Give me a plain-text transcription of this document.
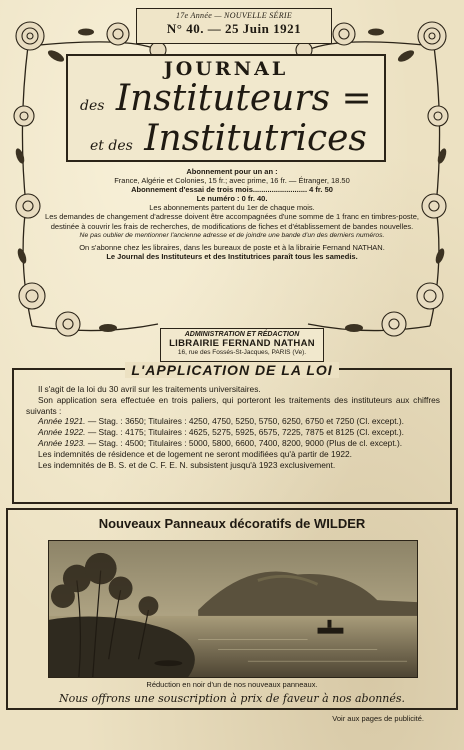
17e Année — NOUVELLE SÉRIE
N° 40. — 25 Juin 1921
JOURNAL
des Instituteurs =
et des Institutrices
Abonnement pour un an :
France, Algérie et Colonies, 15 fr.; avec prime, 16 fr. — Étranger, 18.50
Abonnement d'essai de trois mois.......................... 4 fr. 50
Le numéro : 0 fr. 40.
Les abonnements partent du 1er de chaque mois.
Les demandes de changement d'adresse doivent être accompagnées d'une somme de 1 franc en timbres-poste, destinée à couvrir les frais de recherches, de modifications de fiches et d'établissement de bandes nouvelles.
Ne pas oublier de mentionner l'ancienne adresse et de joindre une bande d'un des derniers numéros.
On s'abonne chez les libraires, dans les bureaux de poste et à la librairie Fernand NATHAN.
Le Journal des Instituteurs et des Institutrices paraît tous les samedis.
ADMINISTRATION ET RÉDACTION
LIBRAIRIE FERNAND NATHAN
16, rue des Fossés-St-Jacques, PARIS (Ve).
L'APPLICATION DE LA LOI
Il s'agit de la loi du 30 avril sur les traitements universitaires.
Son application sera effectuée en trois paliers, qui porteront les traitements des instituteurs aux chiffres suivants :
Année 1921. — Stag. : 3650; Titulaires : 4250, 4750, 5250, 5750, 6250, 6750 et 7250 (Cl. except.).
Année 1922. — Stag. : 4175; Titulaires : 4625, 5275, 5925, 6575, 7225, 7875 et 8125 (Cl. except.).
Année 1923. — Stag. : 4500; Titulaires : 5000, 5800, 6600, 7400, 8200, 9000 (Plus de cl. except.).
Les indemnités de résidence et de logement ne seront modifiées qu'à partir de 1922.
Les indemnités de B. S. et de C. F. E. N. subsistent jusqu'à 1923 exclusivement.
Nouveaux Panneaux décoratifs de WILDER
Réduction en noir d'un de nos nouveaux panneaux.
Nous offrons une souscription à prix de faveur à nos abonnés.
Voir aux pages de publicité.
